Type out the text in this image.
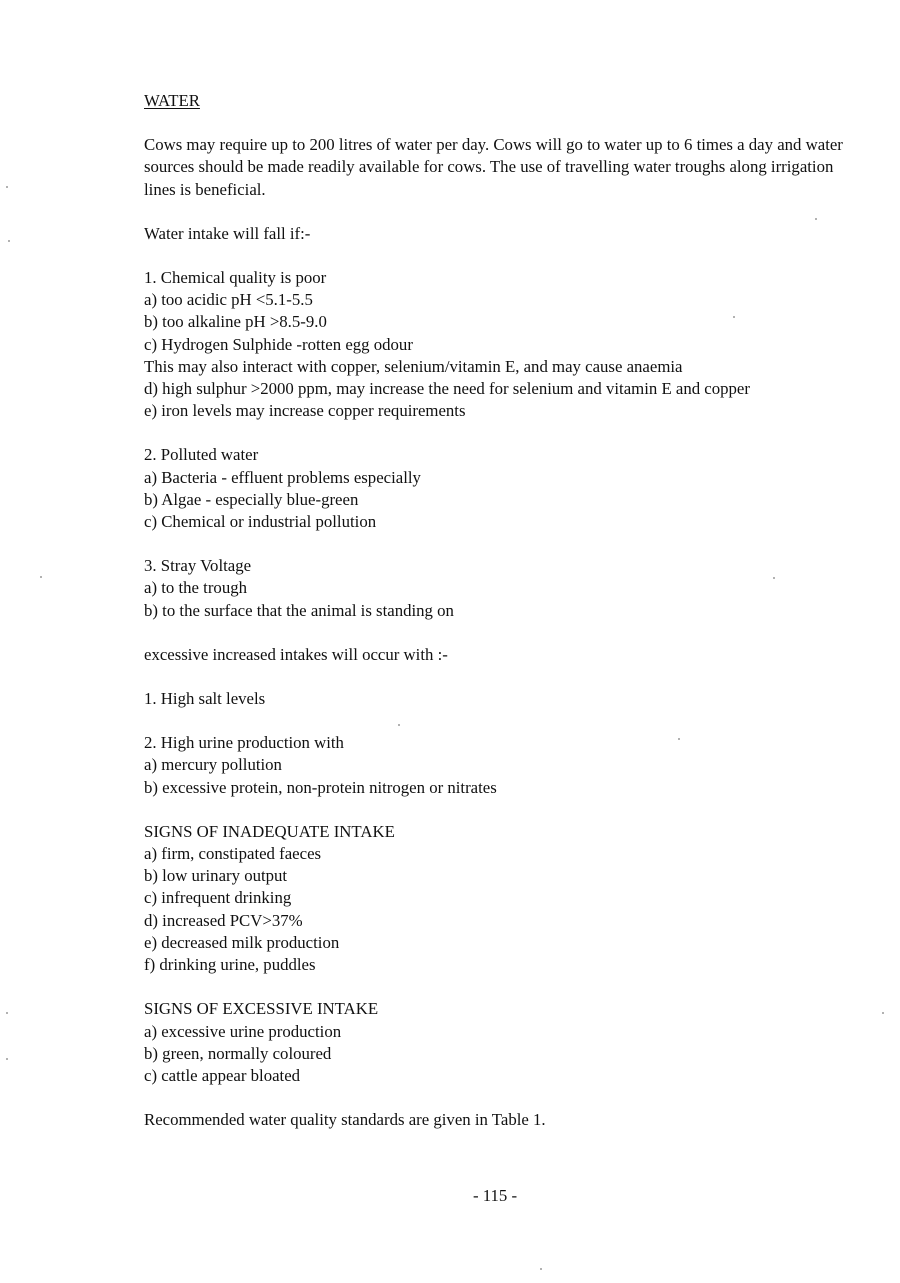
WATER

Cows may require up to 200 litres of water per day. Cows will go to water up to 6 times a day and water sources should be made readily available for cows. The use of travelling water troughs along irrigation lines is beneficial.

Water intake will fall if:-
1. Chemical quality is poor
a) too acidic pH <5.1-5.5
b) too alkaline pH >8.5-9.0
c) Hydrogen Sulphide -rotten egg odour
This may also interact with copper, selenium/vitamin E, and may cause anaemia
d) high sulphur >2000 ppm, may increase the need for selenium and vitamin E and copper
e) iron levels may increase copper requirements
2. Polluted water
a) Bacteria - effluent problems especially
b) Algae - especially blue-green
c) Chemical or industrial pollution
3. Stray Voltage
a) to the trough
b) to the surface that the animal is standing on
excessive increased intakes will occur with :-
1. High salt levels
2. High urine production with
a) mercury pollution
b) excessive protein, non-protein nitrogen or nitrates
SIGNS OF INADEQUATE INTAKE
a) firm, constipated faeces
b) low urinary output
c) infrequent drinking
d) increased PCV>37%
e) decreased milk production
f) drinking urine, puddles
SIGNS OF EXCESSIVE INTAKE
a) excessive urine production
b) green, normally coloured
c) cattle appear bloated
Recommended water quality standards are given in Table 1.
- 115 -
